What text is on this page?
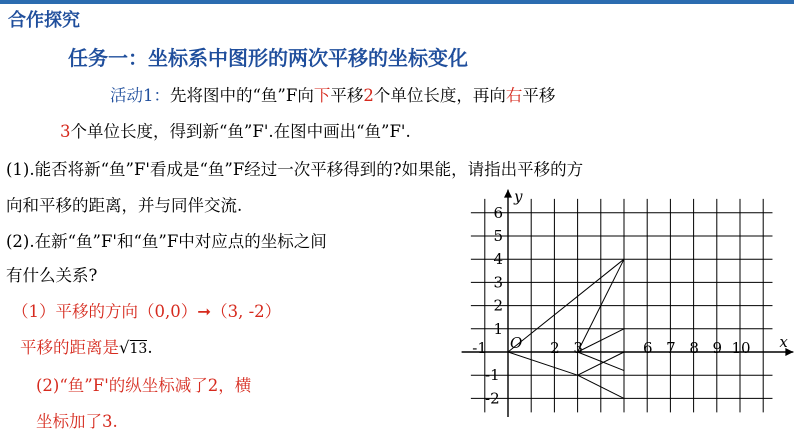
合作探究
任务一：坐标系中图形的两次平移的坐标变化
活动1：先将图中的“鱼”F向下平移2个单位长度，再向右平移
3个单位长度，得到新“鱼”F'.在图中画出“鱼”F'.
(1).能否将新“鱼”F'看成是“鱼”F经过一次平移得到的?如果能，请指出平移的方
向和平移的距离，并与同伴交流.
(2).在新“鱼”F'和“鱼”F中对应点的坐标之间
有什么关系?
（1）平移的方向（0,0）➞（3, -2）
平移的距离是√13.
(2)“鱼”F'的纵坐标减了2，横
坐标加了3.
-1	2 3	6 7 8 9 10
6
5
4
3
2
1
-1
-2
O	x
y
